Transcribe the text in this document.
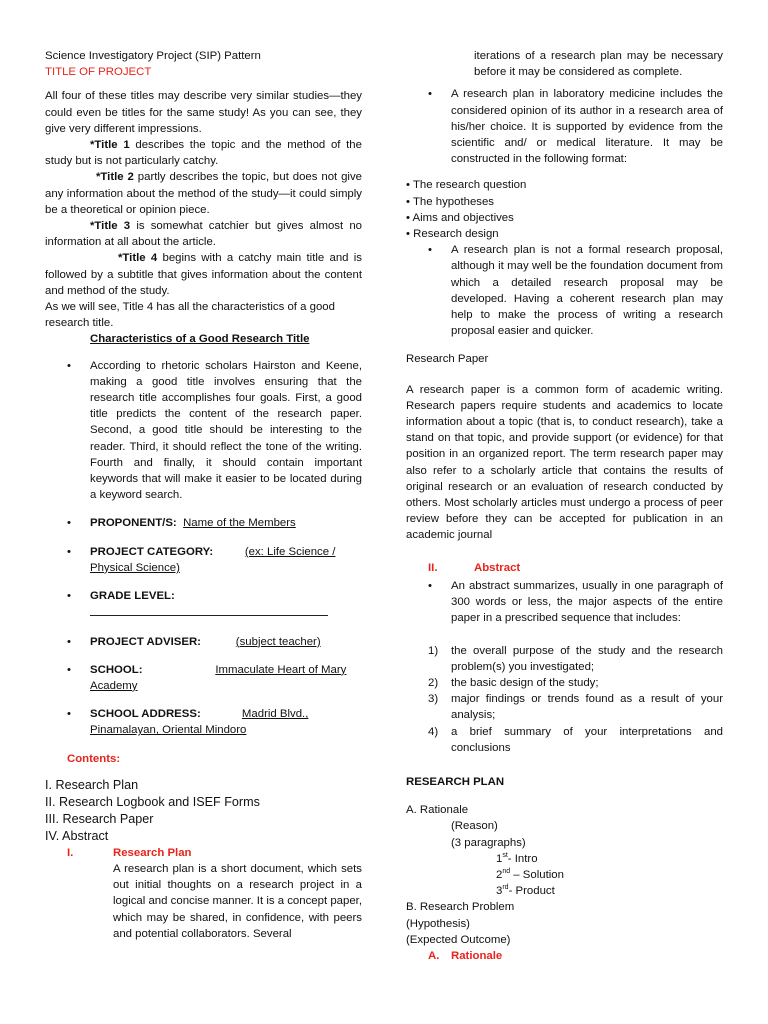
Science Investigatory Project (SIP) Pattern

TITLE OF PROJECT

All four of these titles may describe very similar studies—they could even be titles for the same study! As you can see, they give very different impressions.

*Title 1 describes the topic and the method of the study but is not particularly catchy.

*Title 2 partly describes the topic, but does not give any information about the method of the study—it could simply be a theoretical or opinion piece.

*Title 3 is somewhat catchier but gives almost no information at all about the article.

*Title 4 begins with a catchy main title and is followed by a subtitle that gives information about the content and method of the study.

As we will see, Title 4 has all the characteristics of a good research title.

Characteristics of a Good Research Title

• According to rhetoric scholars Hairston and Keene, making a good title involves ensuring that the research title accomplishes four goals. First, a good title predicts the content of the research paper. Second, a good title should be interesting to the reader. Third, it should reflect the tone of the writing. Fourth and finally, it should contain important keywords that will make it easier to be located during a keyword search.

• PROPONENT/S: Name of the Members

• PROJECT CATEGORY:	(ex: Life Science / Physical Science)

• GRADE LEVEL:

• PROJECT ADVISER:	(subject teacher)

• SCHOOL:	Immaculate Heart of Mary Academy

• SCHOOL ADDRESS:	Madrid Blvd., Pinamalayan, Oriental Mindoro

Contents:

I. Research Plan

II. Research Logbook and ISEF Forms

III. Research Paper

IV. Abstract

I.	Research Plan

A research plan is a short document, which sets out initial thoughts on a research project in a logical and concise manner. It is a concept paper, which may be shared, in confidence, with peers and potential collaborators. Several

iterations of a research plan may be necessary before it may be considered as complete.

• A research plan in laboratory medicine includes the considered opinion of its author in a research area of his/her choice. It is supported by evidence from the scientific and/ or medical literature. It may be constructed in the following format:

• The research question

• The hypotheses

• Aims and objectives

• Research design

• A research plan is not a formal research proposal, although it may well be the foundation document from which a detailed research proposal may be developed. Having a coherent research plan may help to make the process of writing a research proposal easier and quicker.

Research Paper

A research paper is a common form of academic writing. Research papers require students and academics to locate information about a topic (that is, to conduct research), take a stand on that topic, and provide support (or evidence) for that position in an organized report. The term research paper may also refer to a scholarly article that contains the results of original research or an evaluation of research conducted by others. Most scholarly articles must undergo a process of peer review before they can be accepted for publication in an academic journal

II.	Abstract

• An abstract summarizes, usually in one paragraph of 300 words or less, the major aspects of the entire paper in a prescribed sequence that includes:

1) the overall purpose of the study and the research problem(s) you investigated;

2) the basic design of the study;

3) major findings or trends found as a result of your analysis;

4) a brief summary of your interpretations and conclusions

RESEARCH PLAN

A. Rationale

(Reason)

(3 paragraphs)

1st- Intro

2nd – Solution

3rd- Product

B. Research Problem

(Hypothesis)

(Expected Outcome)

A. Rationale
